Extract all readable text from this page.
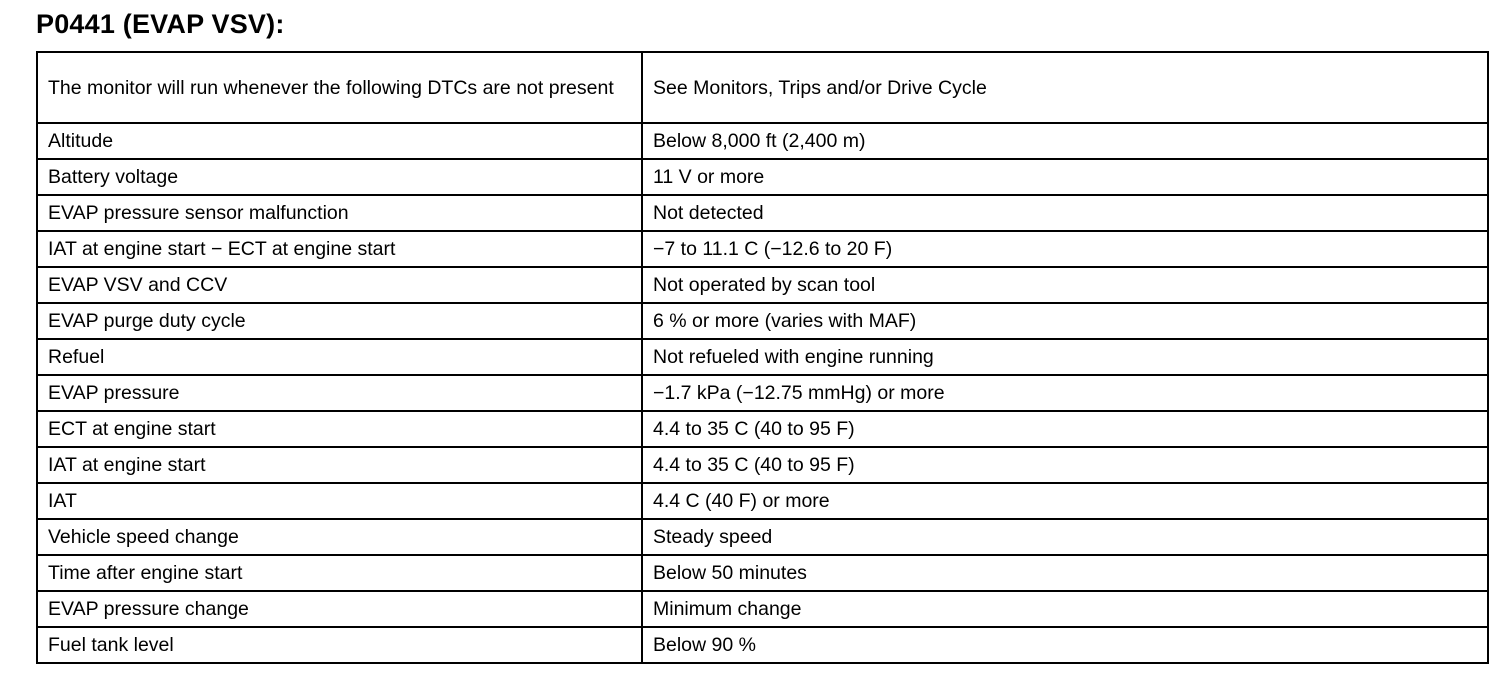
P0441 (EVAP VSV):
The monitor will run whenever the following DTCs are not present	See Monitors, Trips and/or Drive Cycle
Altitude	Below 8,000 ft (2,400 m)
Battery voltage	11 V or more
EVAP pressure sensor malfunction	Not detected
IAT at engine start − ECT at engine start	−7 to 11.1 C (−12.6 to 20 F)
EVAP VSV and CCV	Not operated by scan tool
EVAP purge duty cycle	6 % or more (varies with MAF)
Refuel	Not refueled with engine running
EVAP pressure	−1.7 kPa (−12.75 mmHg) or more
ECT at engine start	4.4 to 35 C (40 to 95 F)
IAT at engine start	4.4 to 35 C (40 to 95 F)
IAT	4.4 C (40 F) or more
Vehicle speed change	Steady speed
Time after engine start	Below 50 minutes
EVAP pressure change	Minimum change
Fuel tank level	Below 90 %
